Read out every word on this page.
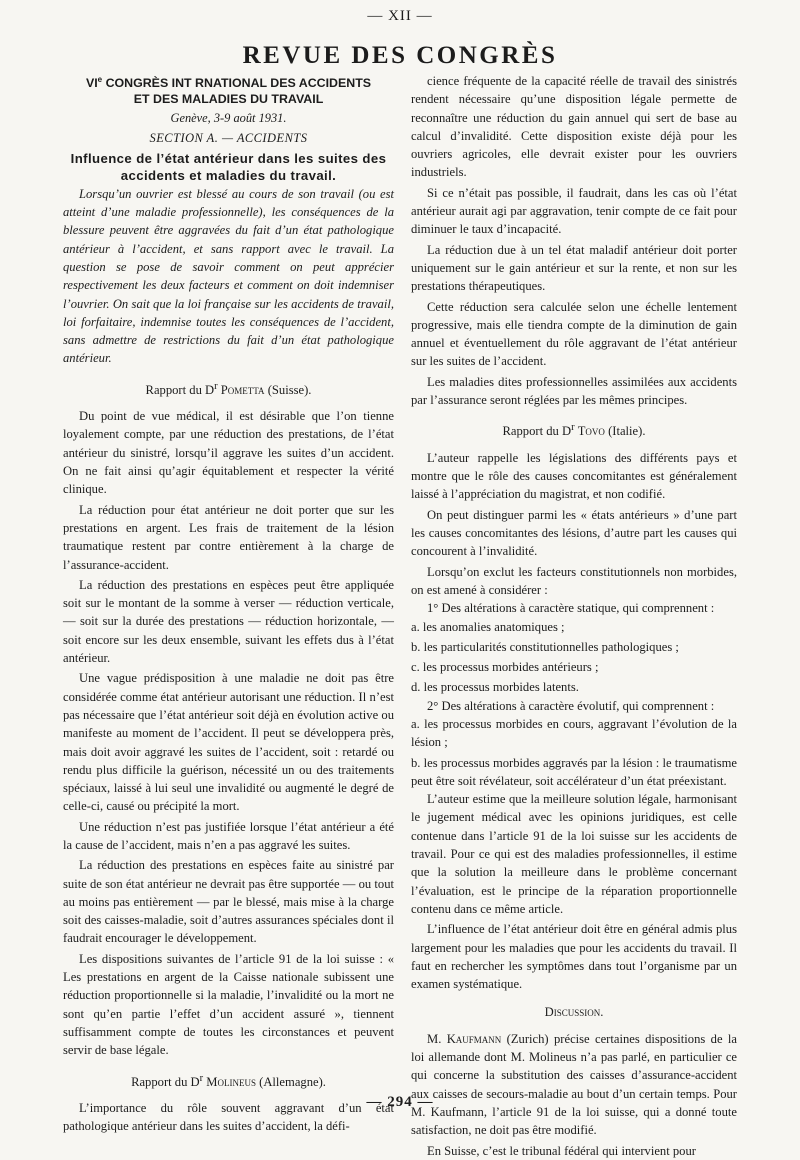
— XII —
REVUE DES CONGRÈS

VIe CONGRÈS INT RNATIONAL DES ACCIDENTS
ET DES MALADIES DU TRAVAIL

Genève, 3-9 août 1931.

SECTION A. — ACCIDENTS

Influence de l’état antérieur dans les suites des accidents et maladies du travail.

Lorsqu’un ouvrier est blessé au cours de son travail (ou est atteint d’une maladie professionnelle), les conséquences de la blessure peuvent être aggravées du fait d’un état pathologique antérieur à l’accident, et sans rapport avec le travail. La question se pose de savoir comment on peut apprécier respectivement les deux facteurs et comment on doit indemniser l’ouvrier. On sait que la loi française sur les accidents de travail, loi forfaitaire, indemnise toutes les conséquences de l’accident, sans admettre de restrictions du fait d’un état pathologique antérieur.

Rapport du $D^r$ Pometta (Suisse).

Du point de vue médical, il est désirable que l’on tienne loyalement compte, par une réduction des prestations, de l’état antérieur du sinistré, lorsqu’il aggrave les suites d’un accident. On ne fait ainsi qu’agir équitablement et respecter la vérité clinique.

La réduction pour état antérieur ne doit porter que sur les prestations en argent. Les frais de traitement de la lésion traumatique restent par contre entièrement à la charge de l’assurance-accident.

La réduction des prestations en espèces peut être appliquée soit sur le montant de la somme à verser — réduction verticale, — soit sur la durée des prestations — réduction horizontale, — soit encore sur les deux ensemble, suivant les effets dus à l’état antérieur.

Une vague prédisposition à une maladie ne doit pas être considérée comme état antérieur autorisant une réduction. Il n’est pas nécessaire que l’état antérieur soit déjà en évolution active ou manifeste au moment de l’accident. Il peut se développera près, mais doit avoir aggravé les suites de l’accident, soit : retardé ou rendu plus difficile la guérison, nécessité un ou des traitements spéciaux, laissé à lui seul une invalidité ou augmenté le degré de celle-ci, causé ou précipité la mort.

Une réduction n’est pas justifiée lorsque l’état antérieur a été la cause de l’accident, mais n’en a pas aggravé les suites.

La réduction des prestations en espèces faite au sinistré par suite de son état antérieur ne devrait pas être supportée — ou tout au moins pas entièrement — par le blessé, mais mise à la charge soit des caisses-maladie, soit d’autres assurances spéciales dont il faudrait encourager le développement.

Les dispositions suivantes de l’article 91 de la loi suisse : « Les prestations en argent de la Caisse nationale subissent une réduction proportionnelle si la maladie, l’invalidité ou la mort ne sont qu’en partie l’effet d’un accident assuré », tiennent suffisamment compte de toutes les circonstances et peuvent servir de base légale.

Rapport du $D^r$ Molineus (Allemagne).

L’importance du rôle souvent aggravant d’un état pathologique antérieur dans les suites d’accident, la défi-

cience fréquente de la capacité réelle de travail des sinistrés rendent nécessaire qu’une disposition légale permette de reconnaître une réduction du gain annuel qui sert de base au calcul d’invalidité. Cette disposition existe déjà pour les ouvriers agricoles, elle devrait exister pour les ouvriers industriels.

Si ce n’était pas possible, il faudrait, dans les cas où l’état antérieur aurait agi par aggravation, tenir compte de ce fait pour diminuer le taux d’incapacité.

La réduction due à un tel état maladif antérieur doit porter uniquement sur le gain antérieur et sur la rente, et non sur les prestations thérapeutiques.

Cette réduction sera calculée selon une échelle lentement progressive, mais elle tiendra compte de la diminution de gain annuel et éventuellement du rôle aggravant de l’état antérieur sur les suites de l’accident.

Les maladies dites professionnelles assimilées aux accidents par l’assurance seront réglées par les mêmes principes.

Rapport du $D^r$ Tovo (Italie).

L’auteur rappelle les législations des différents pays et montre que le rôle des causes concomitantes est généralement laissé à l’appréciation du magistrat, et non codifié.

On peut distinguer parmi les « états antérieurs » d’une part les causes concomitantes des lésions, d’autre part les causes qui concourent à l’invalidité.

Lorsqu’on exclut les facteurs constitutionnels non morbides, on est amené à considérer :

1° Des altérations à caractère statique, qui comprennent :

a. les anomalies anatomiques ;

b. les particularités constitutionnelles pathologiques ;

c. les processus morbides antérieurs ;

d. les processus morbides latents.

2° Des altérations à caractère évolutif, qui comprennent :

a. les processus morbides en cours, aggravant l’évolution de la lésion ;

b. les processus morbides aggravés par la lésion : le traumatisme peut être soit révélateur, soit accélérateur d’un état préexistant.

L’auteur estime que la meilleure solution légale, harmonisant le jugement médical avec les opinions juridiques, est celle contenue dans l’article 91 de la loi suisse sur les accidents de travail. Pour ce qui est des maladies professionnelles, il estime que la solution la meilleure dans le problème concernant l’évaluation, est le principe de la réparation proportionnelle contenu dans ce même article.

L’influence de l’état antérieur doit être en général admis plus largement pour les maladies que pour les accidents du travail. Il faut en rechercher les symptômes dans tout l’organisme par un examen systématique.

Discussion.

M. Kaufmann (Zurich) précise certaines dispositions de la loi allemande dont M. Molineus n’a pas parlé, en particulier ce qui concerne la substitution des caisses d’assurance-accident aux caisses de secours-maladie au bout d’un certain temps. Pour M. Kaufmann, l’article 91 de la loi suisse, qui a donné toute satisfaction, ne doit pas être modifié.

En Suisse, c’est le tribunal fédéral qui intervient pour

— 294 —
